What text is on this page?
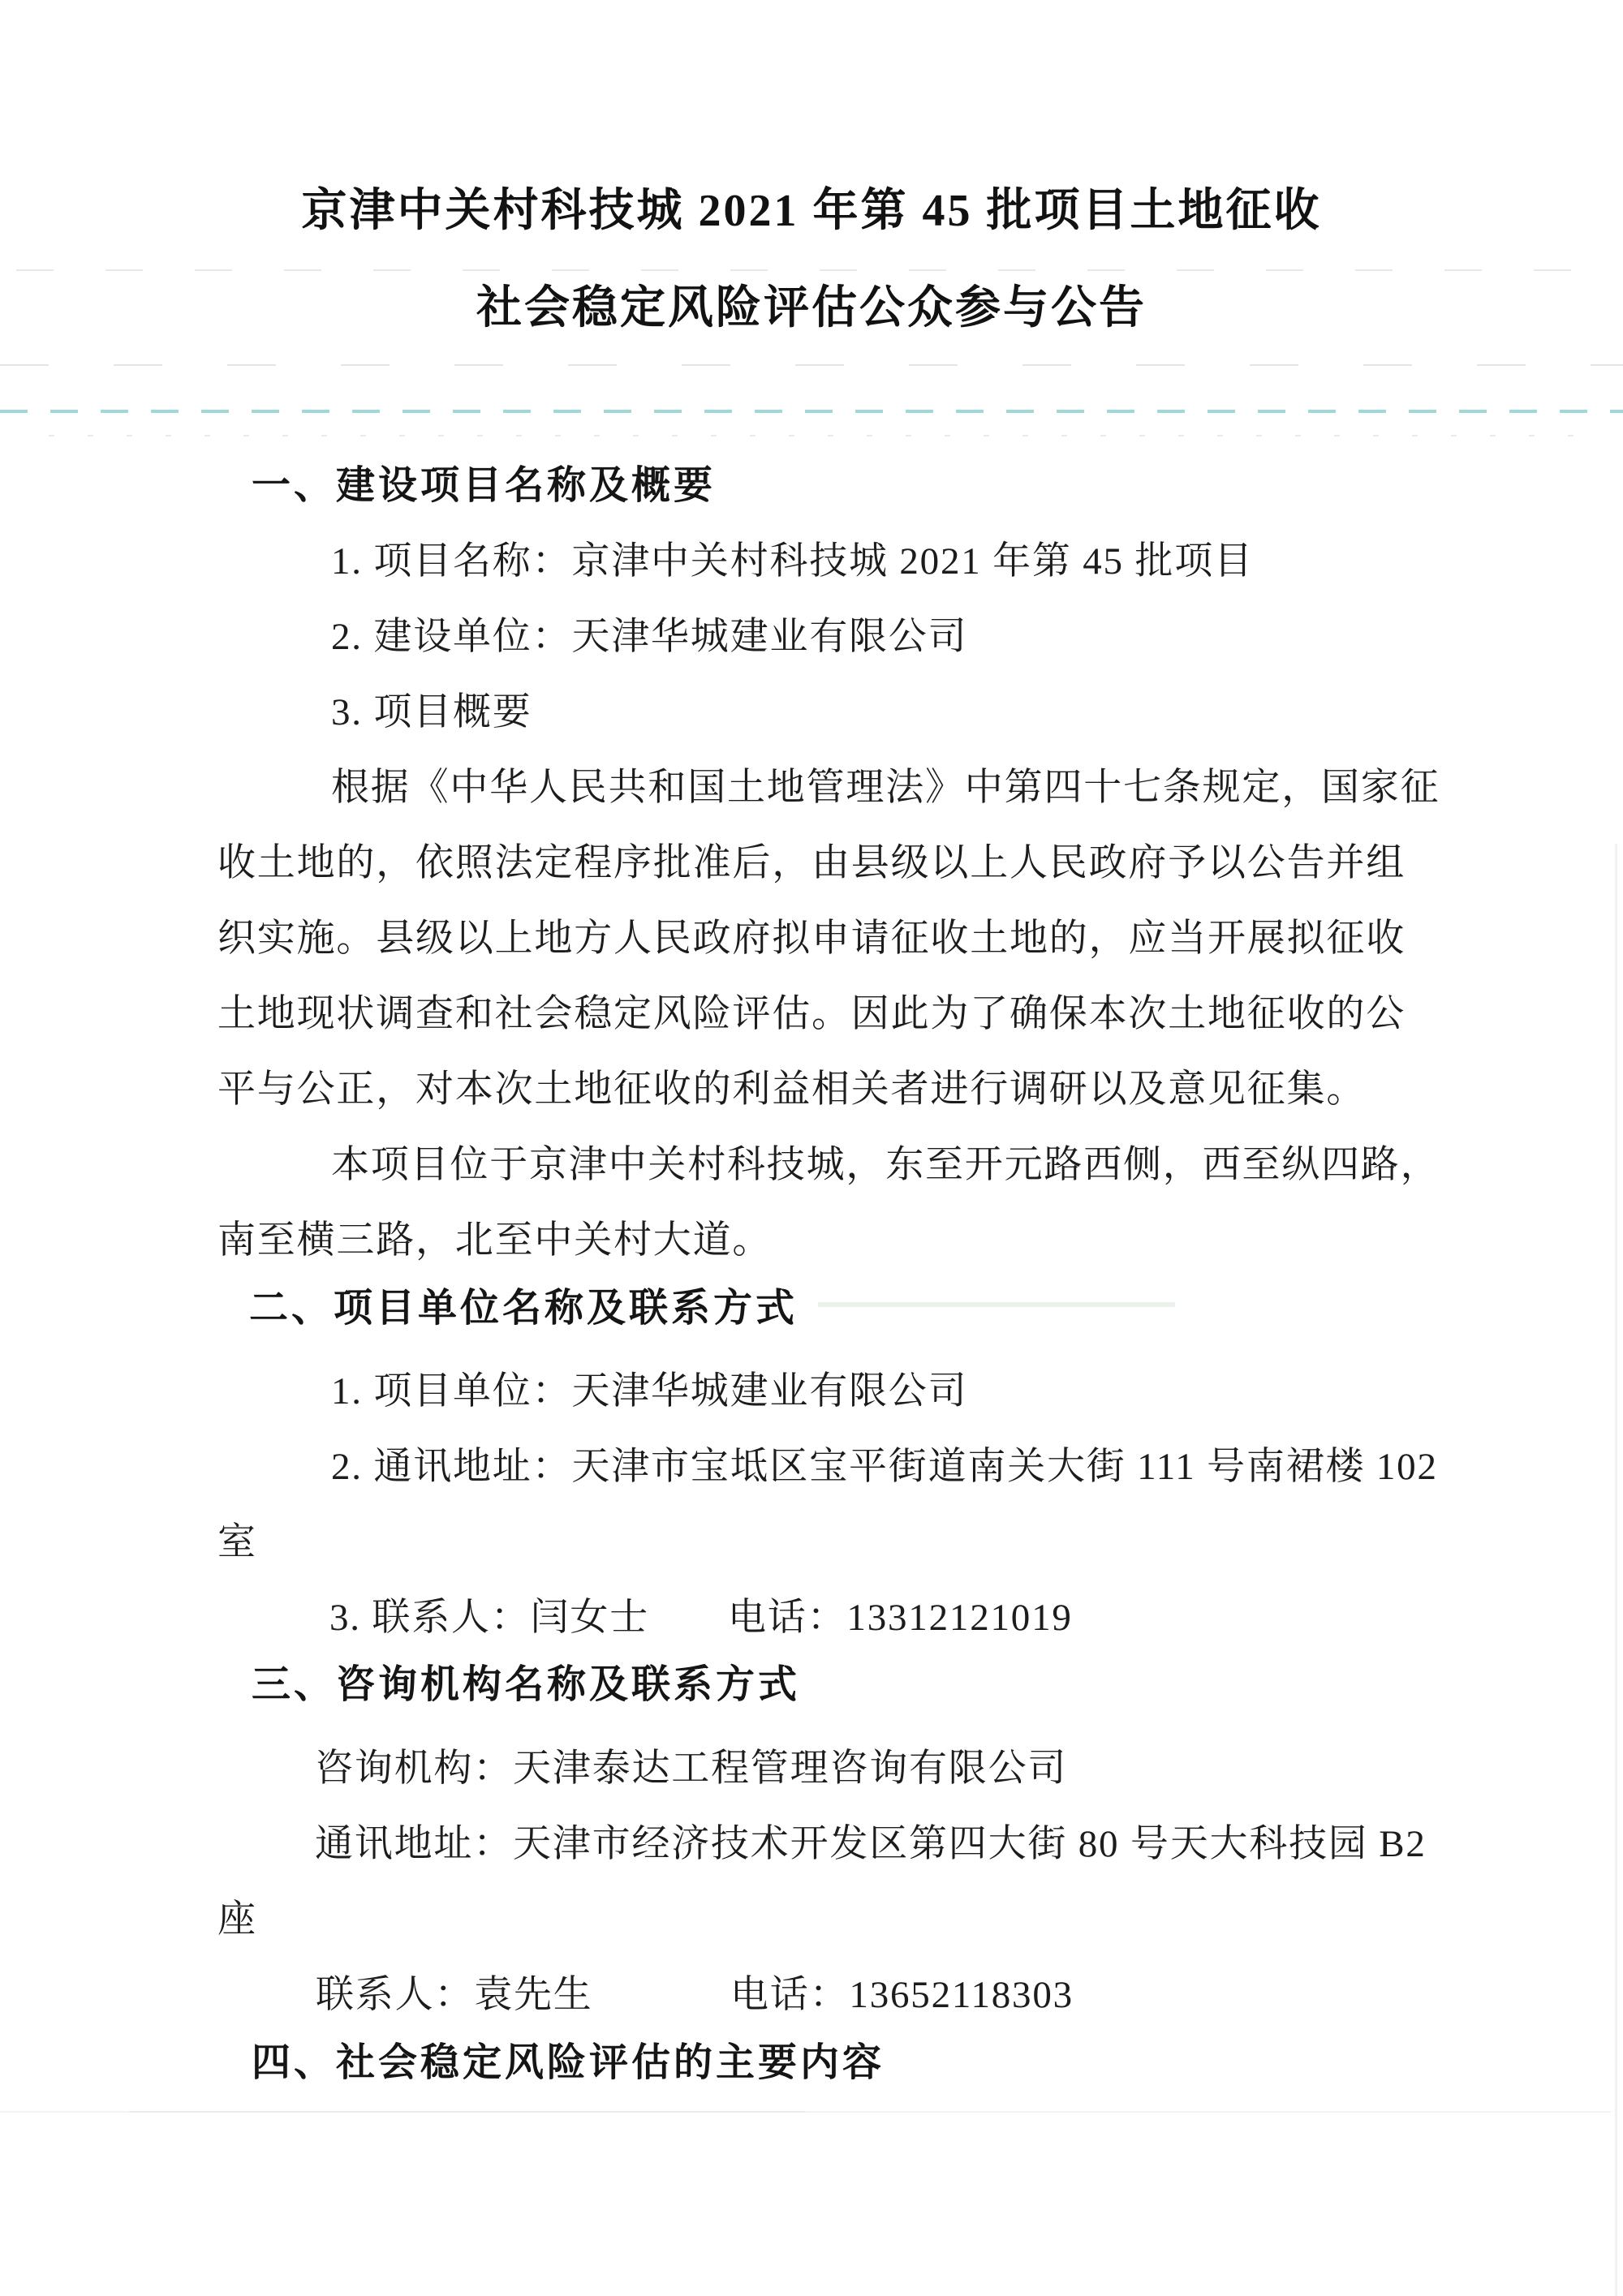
京津中关村科技城 2021 年第 45 批项目土地征收
社会稳定风险评估公众参与公告
一、建设项目名称及概要
1. 项目名称：京津中关村科技城 2021 年第 45 批项目
2. 建设单位：天津华城建业有限公司
3. 项目概要
根据《中华人民共和国土地管理法》中第四十七条规定，国家征
收土地的，依照法定程序批准后，由县级以上人民政府予以公告并组
织实施。县级以上地方人民政府拟申请征收土地的，应当开展拟征收
土地现状调查和社会稳定风险评估。因此为了确保本次土地征收的公
平与公正，对本次土地征收的利益相关者进行调研以及意见征集。
本项目位于京津中关村科技城，东至开元路西侧，西至纵四路，
南至横三路，北至中关村大道。
二、项目单位名称及联系方式
1. 项目单位：天津华城建业有限公司
2. 通讯地址：天津市宝坻区宝平街道南关大街 111 号南裙楼 102
室
3. 联系人：闫女士 电话：13312121019
三、咨询机构名称及联系方式
咨询机构：天津泰达工程管理咨询有限公司
通讯地址：天津市经济技术开发区第四大街 80 号天大科技园 B2
座
联系人：袁先生	电话：13652118303
四、社会稳定风险评估的主要内容
